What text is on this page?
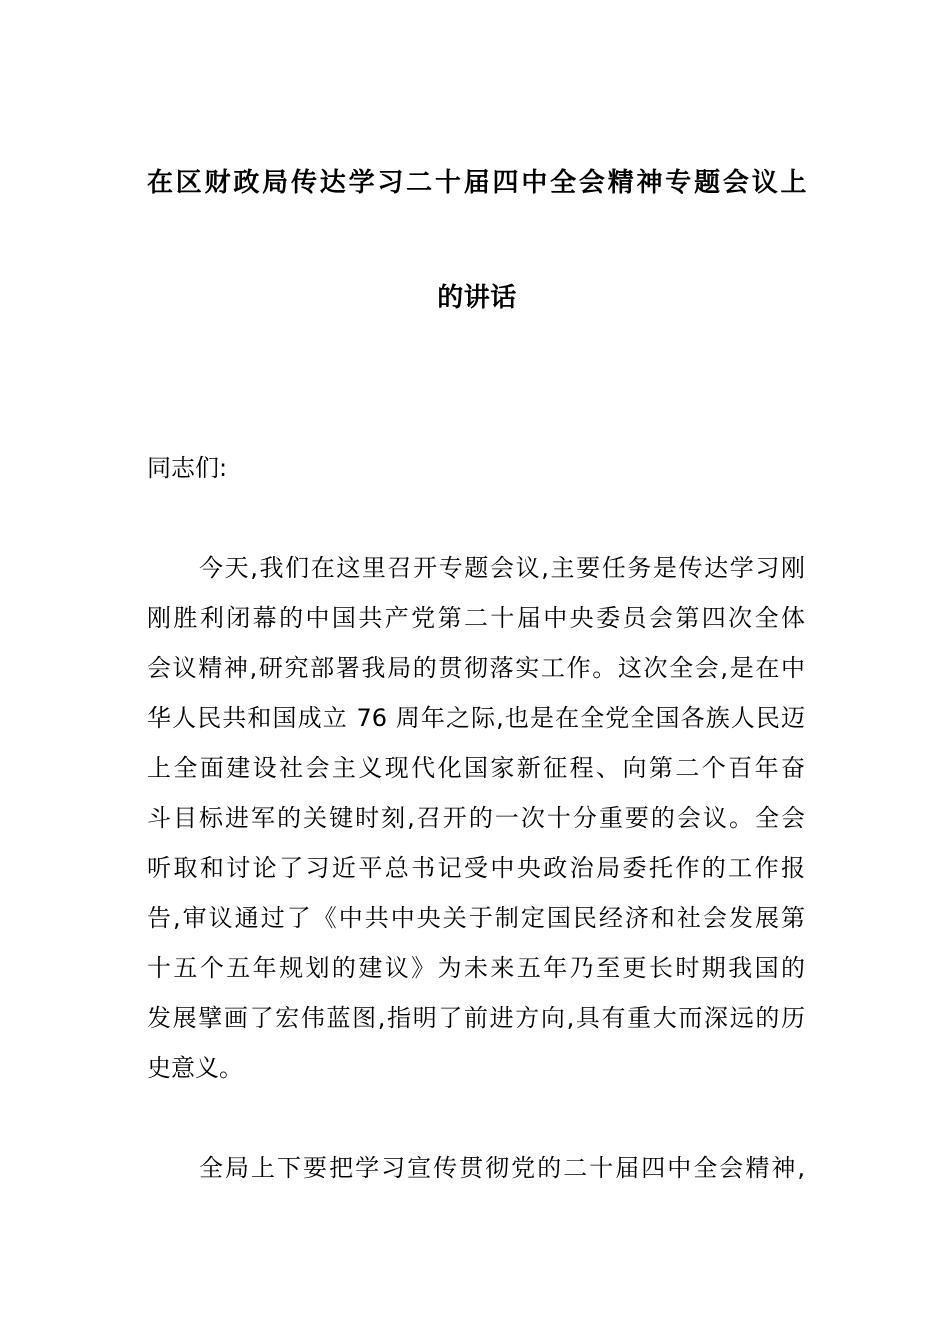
在区财政局传达学习二十届四中全会精神专题会议上
的讲话
同志们:
今天,我们在这里召开专题会议,主要任务是传达学习刚
刚胜利闭幕的中国共产党第二十届中央委员会第四次全体
会议精神,研究部署我局的贯彻落实工作。这次全会,是在中
华人民共和国成立 76 周年之际,也是在全党全国各族人民迈
上全面建设社会主义现代化国家新征程、向第二个百年奋
斗目标进军的关键时刻,召开的一次十分重要的会议。全会
听取和讨论了习近平总书记受中央政治局委托作的工作报
告,审议通过了《中共中央关于制定国民经济和社会发展第
十五个五年规划的建议》为未来五年乃至更长时期我国的
发展擘画了宏伟蓝图,指明了前进方向,具有重大而深远的历
史意义。
全局上下要把学习宣传贯彻党的二十届四中全会精神,
